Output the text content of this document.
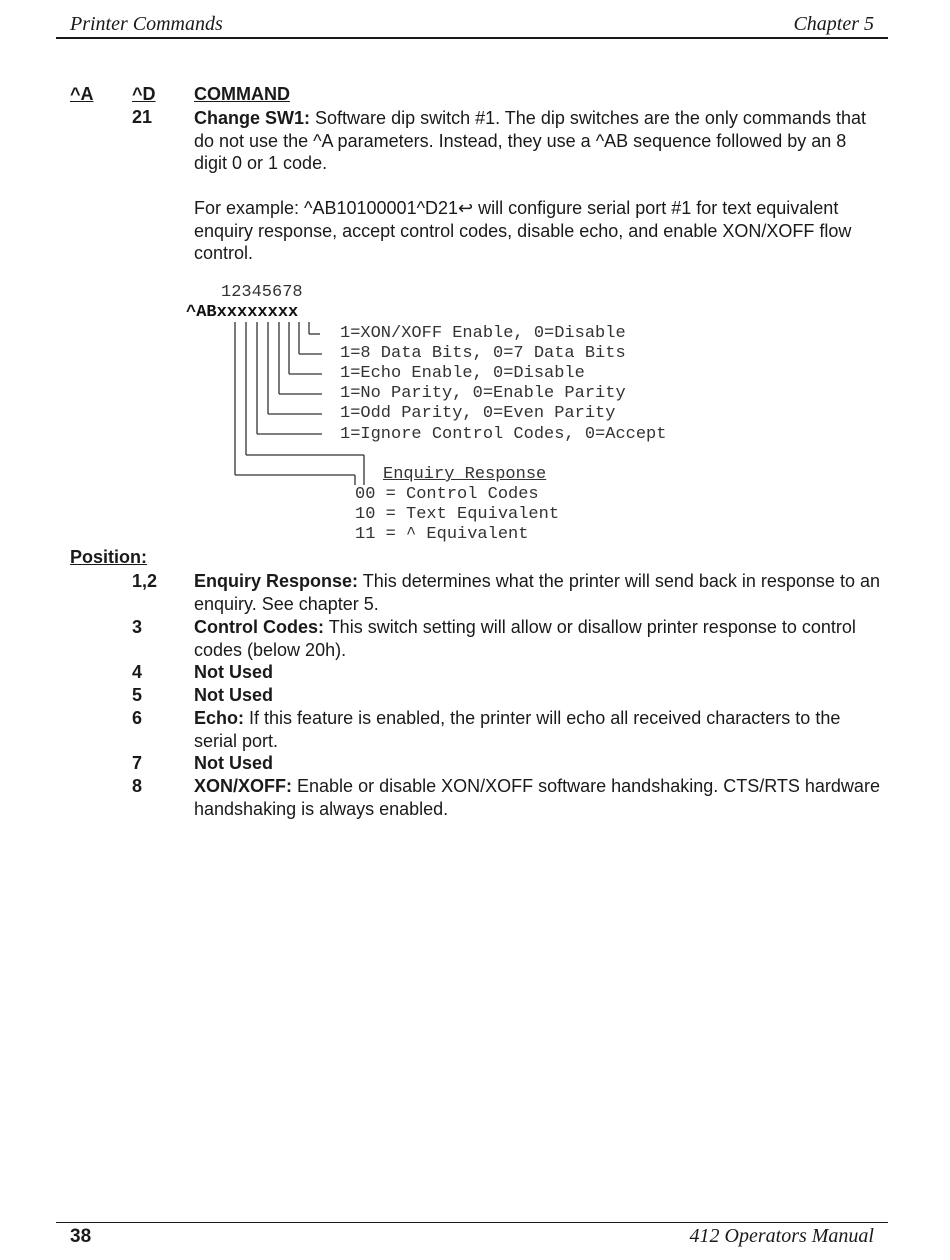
Printer Commands	Chapter 5
^A ^D COMMAND
21 Change SW1: Software dip switch #1. The dip switches are the only commands that do not use the ^A parameters. Instead, they use a ^AB sequence followed by an 8 digit 0 or 1 code.

For example: ^AB10100001^D21↩ will configure serial port #1 for text equivalent enquiry response, accept control codes, disable echo, and enable XON/XOFF flow control.

12345678
^ABxxxxxxxx
1=XON/XOFF Enable, 0=Disable
1=8 Data Bits, 0=7 Data Bits
1=Echo Enable, 0=Disable
1=No Parity, 0=Enable Parity
1=Odd Parity, 0=Even Parity
1=Ignore Control Codes, 0=Accept
Enquiry Response
00 = Control Codes
10 = Text Equivalent
11 = ^ Equivalent
Position:
1,2 Enquiry Response: This determines what the printer will send back in response to an enquiry. See chapter 5.
3	Control Codes: This switch setting will allow or disallow printer response to control codes (below 20h).
4	Not Used
5	Not Used
6	Echo: If this feature is enabled, the printer will echo all received characters to the serial port.
7	Not Used
8	XON/XOFF: Enable or disable XON/XOFF software handshaking. CTS/RTS hardware handshaking is always enabled.
38	412 Operators Manual
